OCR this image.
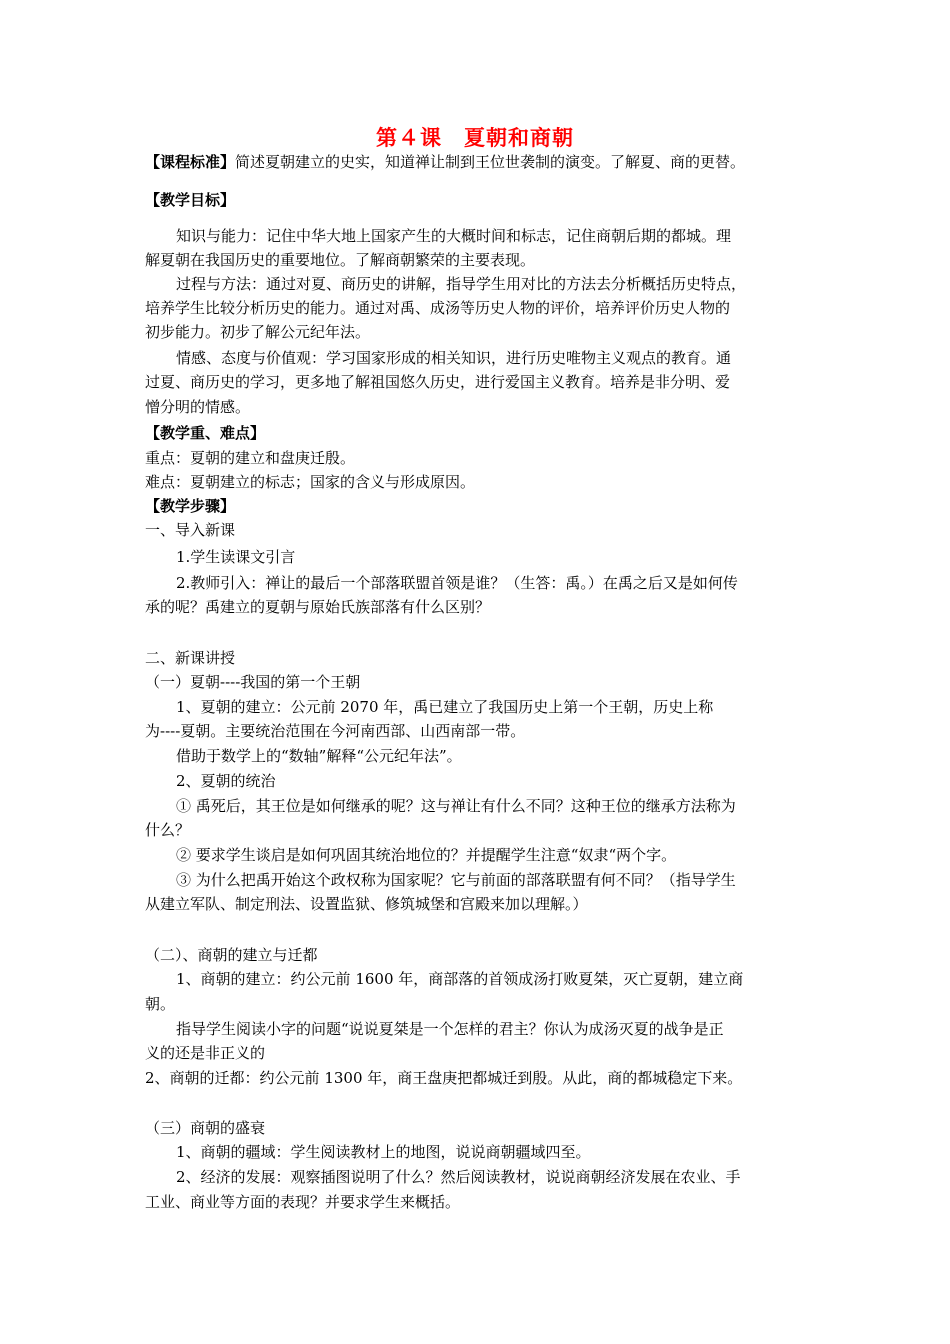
第４课　夏朝和商朝
【课程标准】简述夏朝建立的史实，知道禅让制到王位世袭制的演变。了解夏、商的更替。
【教学目标】
知识与能力：记住中华大地上国家产生的大概时间和标志，记住商朝后期的都城。理
解夏朝在我国历史的重要地位。了解商朝繁荣的主要表现。
过程与方法：通过对夏、商历史的讲解，指导学生用对比的方法去分析概括历史特点，
培养学生比较分析历史的能力。通过对禹、成汤等历史人物的评价，培养评价历史人物的
初步能力。初步了解公元纪年法。
情感、态度与价值观：学习国家形成的相关知识，进行历史唯物主义观点的教育。通
过夏、商历史的学习，更多地了解祖国悠久历史，进行爱国主义教育。培养是非分明、爱
憎分明的情感。
【教学重、难点】
重点：夏朝的建立和盘庚迁殷。
难点：夏朝建立的标志；国家的含义与形成原因。
【教学步骤】
一、导入新课
1.学生读课文引言
2.教师引入：禅让的最后一个部落联盟首领是谁？（生答：禹。）在禹之后又是如何传
承的呢？禹建立的夏朝与原始氏族部落有什么区别？
二、新课讲授
（一）夏朝----我国的第一个王朝
1、夏朝的建立：公元前 2070 年，禹已建立了我国历史上第一个王朝，历史上称
为----夏朝。主要统治范围在今河南西部、山西南部一带。
借助于数学上的“数轴”解释“公元纪年法”。
2、夏朝的统治
① 禹死后，其王位是如何继承的呢？这与禅让有什么不同？这种王位的继承方法称为
什么？
② 要求学生谈启是如何巩固其统治地位的？并提醒学生注意“奴隶“两个字。
③ 为什么把禹开始这个政权称为国家呢？它与前面的部落联盟有何不同？（指导学生
从建立军队、制定刑法、设置监狱、修筑城堡和宫殿来加以理解。）
（二）、商朝的建立与迁都
1、商朝的建立：约公元前 1600 年，商部落的首领成汤打败夏桀，灭亡夏朝，建立商
朝。
指导学生阅读小字的问题“说说夏桀是一个怎样的君主？你认为成汤灭夏的战争是正
义的还是非正义的
2、商朝的迁都：约公元前 1300 年，商王盘庚把都城迁到殷。从此，商的都城稳定下来。
（三）商朝的盛衰
1、商朝的疆域：学生阅读教材上的地图，说说商朝疆域四至。
2、经济的发展：观察插图说明了什么？然后阅读教材，说说商朝经济发展在农业、手
工业、商业等方面的表现？并要求学生来概括。
